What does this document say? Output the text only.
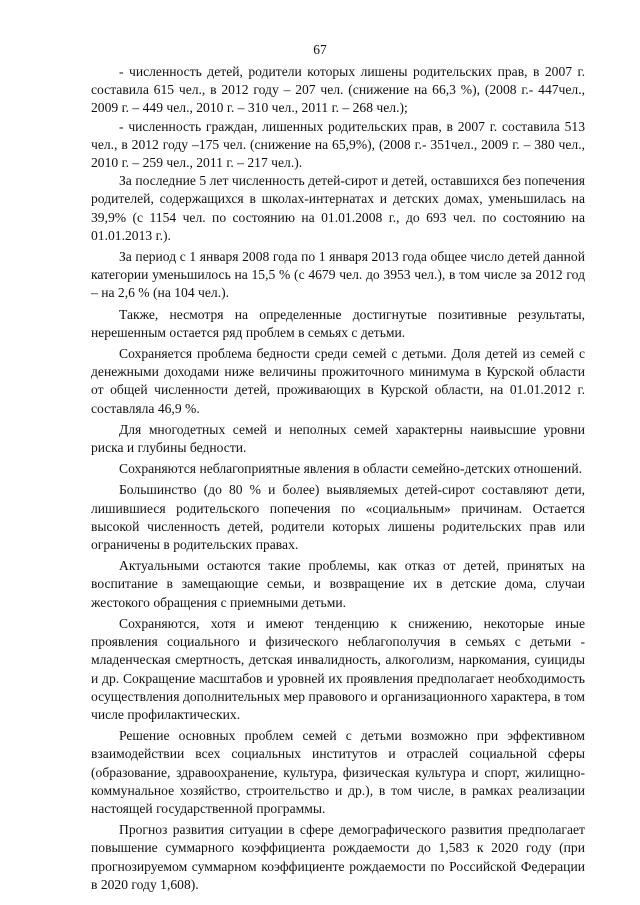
67

- численность детей, родители которых лишены родительских прав, в 2007 г. составила 615 чел., в 2012 году – 207 чел. (снижение на 66,3 %), (2008 г.- 447чел., 2009 г. – 449 чел., 2010 г. – 310 чел., 2011 г. – 268 чел.);

- численность граждан, лишенных родительских прав, в 2007 г. составила 513 чел., в 2012 году –175 чел. (снижение на 65,9%), (2008 г.- 351чел., 2009 г. – 380 чел., 2010 г. – 259 чел., 2011 г. – 217 чел.).

За последние 5 лет численность детей-сирот и детей, оставшихся без попечения родителей, содержащихся в школах-интернатах и детских домах, уменьшилась на 39,9% (с 1154 чел. по состоянию на 01.01.2008 г., до 693 чел. по состоянию на 01.01.2013 г.).

За период с 1 января 2008 года по 1 января 2013 года общее число детей данной категории уменьшилось на 15,5 % (с 4679 чел. до 3953 чел.), в том числе за 2012 год – на 2,6 % (на 104 чел.).

Также, несмотря на определенные достигнутые позитивные результаты, нерешенным остается ряд проблем в семьях с детьми.

Сохраняется проблема бедности среди семей с детьми. Доля детей из семей с денежными доходами ниже величины прожиточного минимума в Курской области от общей численности детей, проживающих в Курской области, на 01.01.2012 г. составляла 46,9 %.

Для многодетных семей и неполных семей характерны наивысшие уровни риска и глубины бедности.

Сохраняются неблагоприятные явления в области семейно-детских отношений.

Большинство (до 80 % и более) выявляемых детей-сирот составляют дети, лишившиеся родительского попечения по «социальным» причинам. Остается высокой численность детей, родители которых лишены родительских прав или ограничены в родительских правах.

Актуальными остаются такие проблемы, как отказ от детей, принятых на воспитание в замещающие семьи, и возвращение их в детские дома, случаи жестокого обращения с приемными детьми.

Сохраняются, хотя и имеют тенденцию к снижению, некоторые иные проявления социального и физического неблагополучия в семьях с детьми - младенческая смертность, детская инвалидность, алкоголизм, наркомания, суициды и др. Сокращение масштабов и уровней их проявления предполагает необходимость осуществления дополнительных мер правового и организационного характера, в том числе профилактических.

Решение основных проблем семей с детьми возможно при эффективном взаимодействии всех социальных институтов и отраслей социальной сферы (образование, здравоохранение, культура, физическая культура и спорт, жилищно-коммунальное хозяйство, строительство и др.), в том числе, в рамках реализации настоящей государственной программы.

Прогноз развития ситуации в сфере демографического развития предполагает повышение суммарного коэффициента рождаемости до 1,583 к 2020 году (при прогнозируемом суммарном коэффициенте рождаемости по Российской Федерации в 2020 году 1,608).
